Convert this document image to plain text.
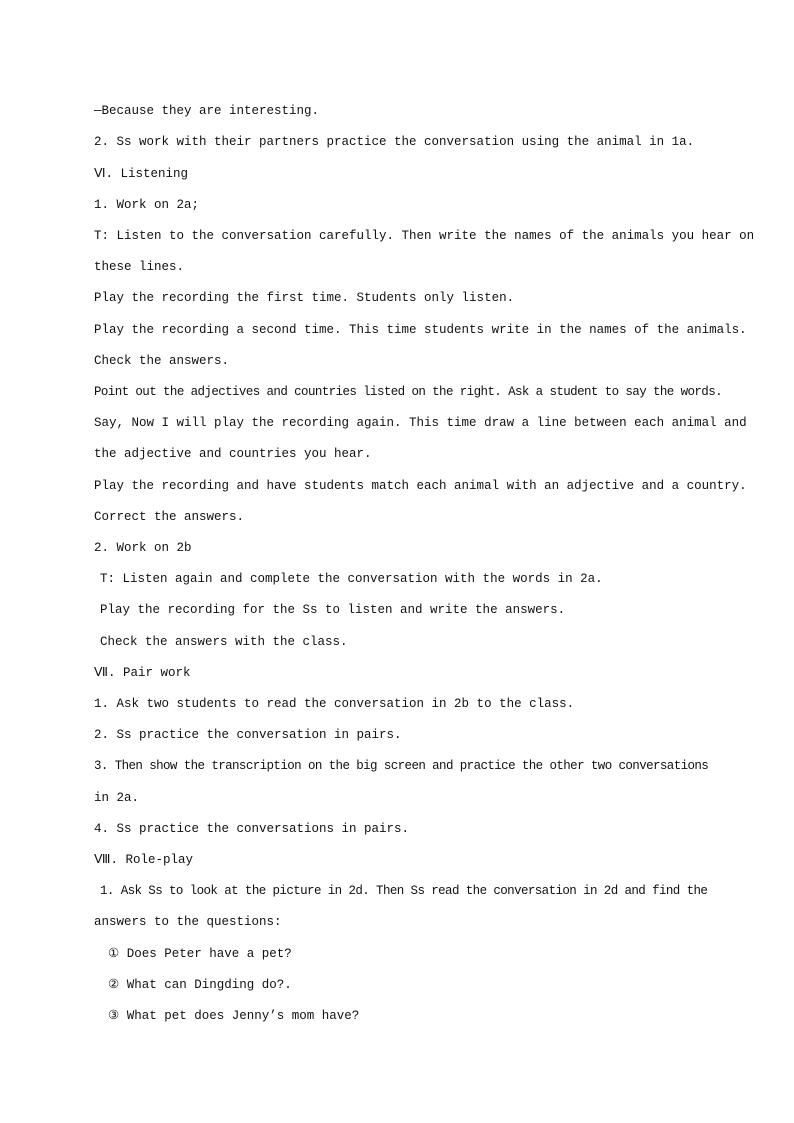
—Because they are interesting.
2. Ss work with their partners practice the conversation using the animal in 1a.
Ⅵ. Listening
1. Work on 2a;
T: Listen to the conversation carefully. Then write the names of the animals you hear on
these lines.
Play the recording the first time. Students only listen.
Play the recording a second time. This time students write in the names of the animals.
Check the answers.
Point out the adjectives and countries listed on the right. Ask a student to say the words.
Say, Now I will play the recording again. This time draw a line between each animal and
the adjective and countries you hear.
Play the recording and have students match each animal with an adjective and a country.
Correct the answers.
2. Work on 2b
T: Listen again and complete the conversation with the words in 2a.
Play the recording for the Ss to listen and write the answers.
Check the answers with the class.
Ⅶ. Pair work
1. Ask two students to read the conversation in 2b to the class.
2. Ss practice the conversation in pairs.
3. Then show the transcription on the big screen and practice the other two conversations
in 2a.
4. Ss practice the conversations in pairs.
Ⅷ. Role-play
1. Ask Ss to look at the picture in 2d. Then Ss read the conversation in 2d and find the
answers to the questions:
① Does Peter have a pet?
② What can Dingding do?.
③ What pet does Jenny’s mom have?
